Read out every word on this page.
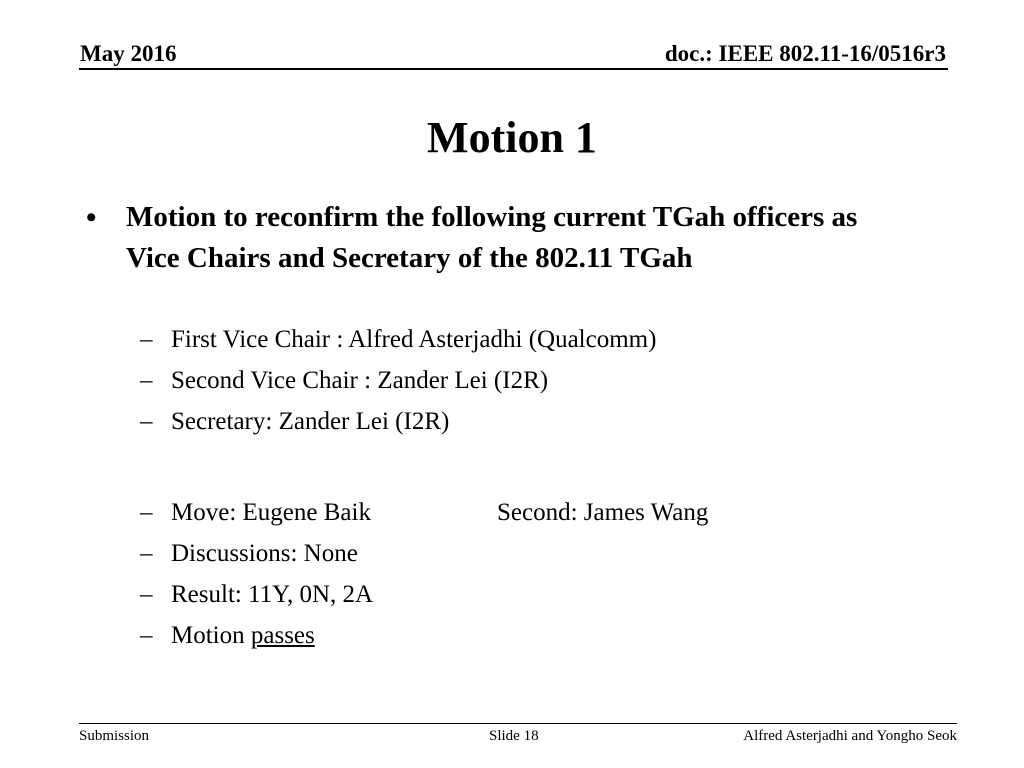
May 2016	doc.: IEEE 802.11-16/0516r3
Motion 1
• Motion to reconfirm the following current TGah officers as Vice Chairs and Secretary of the 802.11 TGah
– First Vice Chair : Alfred Asterjadhi (Qualcomm)
– Second Vice Chair : Zander Lei (I2R)
– Secretary: Zander Lei (I2R)
– Move: Eugene Baik	Second: James Wang
– Discussions: None
– Result: 11Y, 0N, 2A
– Motion passes
Submission	Slide 18	Alfred Asterjadhi and Yongho Seok
